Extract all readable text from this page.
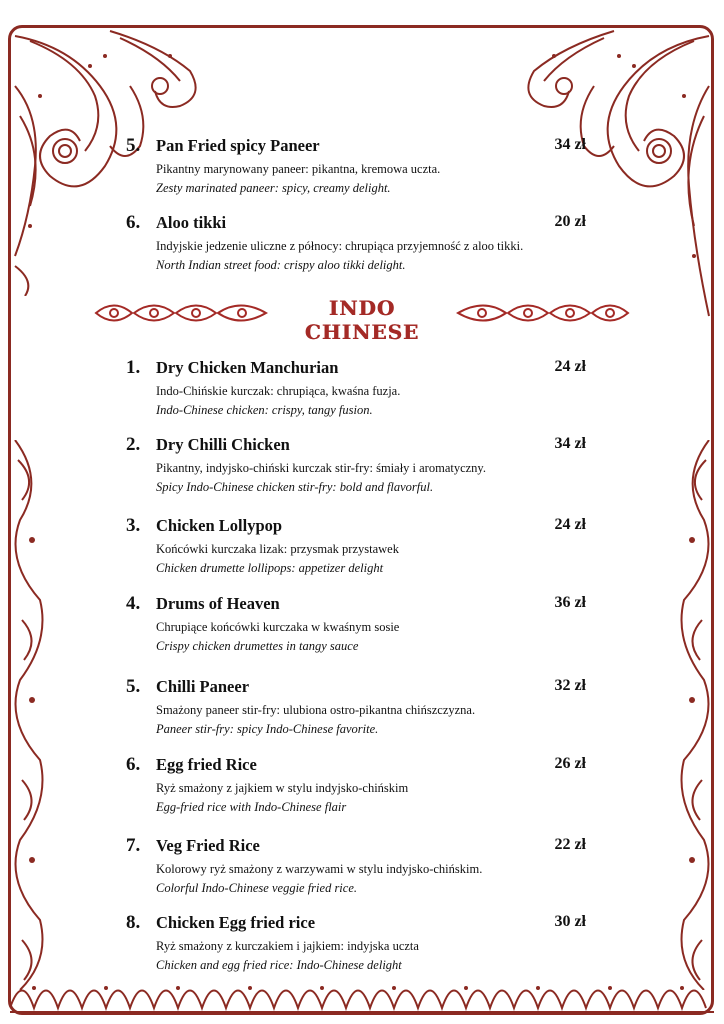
5. Pan Fried spicy Paneer	34 zł
Pikantny marynowany paneer: pikantna, kremowa uczta.
Zesty marinated paneer: spicy, creamy delight.
6. Aloo tikki	20 zł
Indyjskie jedzenie uliczne z północy: chrupiąca przyjemność z aloo tikki.
North Indian street food: crispy aloo tikki delight.
INDO CHINESE
1. Dry Chicken Manchurian	24 zł
Indo-Chińskie kurczak: chrupiąca, kwaśna fuzja.
Indo-Chinese chicken: crispy, tangy fusion.
2. Dry Chilli Chicken	34 zł
Pikantny, indyjsko-chiński kurczak stir-fry: śmiały i aromatyczny.
Spicy Indo-Chinese chicken stir-fry: bold and flavorful.
3. Chicken Lollypop	24 zł
Końcówki kurczaka lizak: przysmak przystawek
Chicken drumette lollipops: appetizer delight
4. Drums of Heaven	36 zł
Chrupiące końcówki kurczaka w kwaśnym sosie
Crispy chicken drumettes in tangy sauce
5. Chilli Paneer	32 zł
Smażony paneer stir-fry: ulubiona ostro-pikantna chińszczyzna.
Paneer stir-fry: spicy Indo-Chinese favorite.
6. Egg fried Rice	26 zł
Ryż smażony z jajkiem w stylu indyjsko-chińskim
Egg-fried rice with Indo-Chinese flair
7. Veg Fried Rice	22 zł
Kolorowy ryż smażony z warzywami w stylu indyjsko-chińskim.
Colorful Indo-Chinese veggie fried rice.
8. Chicken Egg fried rice	30 zł
Ryż smażony z kurczakiem i jajkiem: indyjska uczta
Chicken and egg fried rice: Indo-Chinese delight
